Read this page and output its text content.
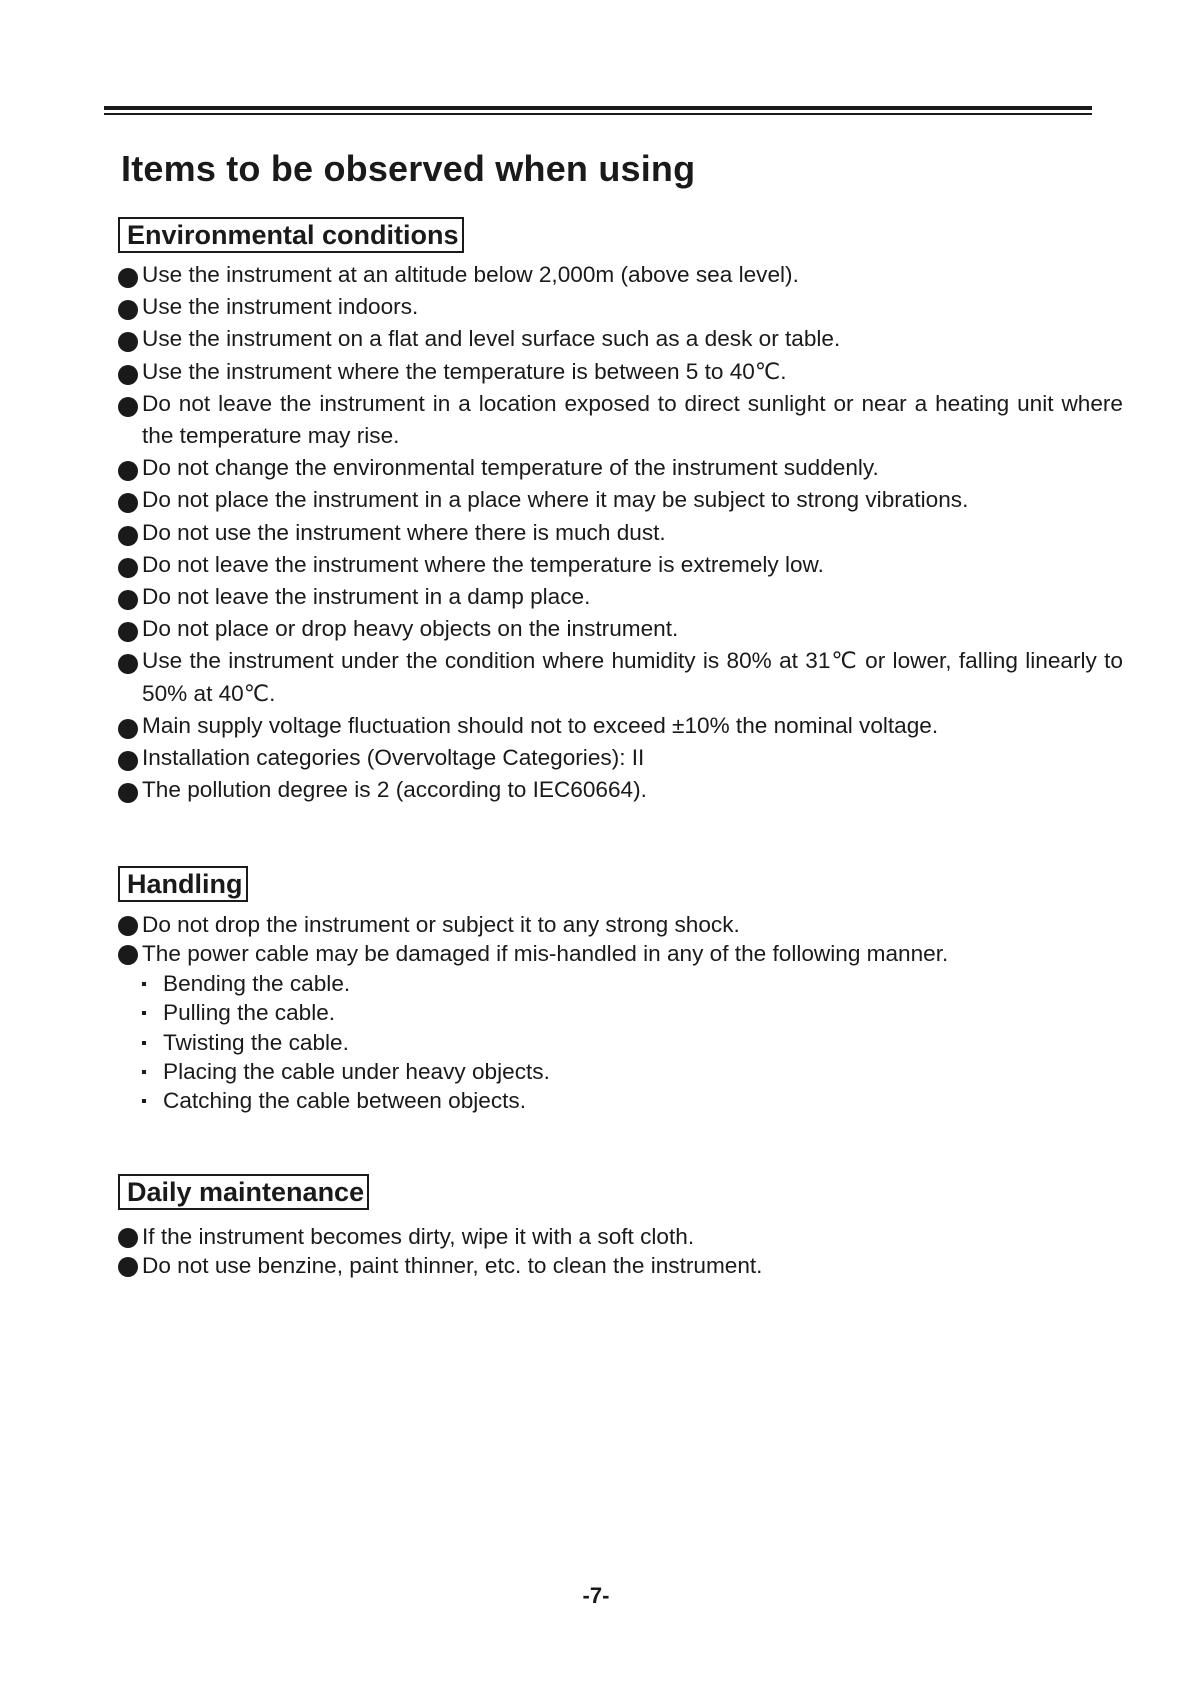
Items to be observed when using
Environmental conditions
Use the instrument at an altitude below 2,000m (above sea level).
Use the instrument indoors.
Use the instrument on a flat and level surface such as a desk or table.
Use the instrument where the temperature is between 5 to 40℃.
Do not leave the instrument in a location exposed to direct sunlight or near a heating unit where the temperature may rise.
Do not change the environmental temperature of the instrument suddenly.
Do not place the instrument in a place where it may be subject to strong vibrations.
Do not use the instrument where there is much dust.
Do not leave the instrument where the temperature is extremely low.
Do not leave the instrument in a damp place.
Do not place or drop heavy objects on the instrument.
Use the instrument under the condition where humidity is 80% at 31℃ or lower, falling linearly to 50% at 40℃.
Main supply voltage fluctuation should not to exceed ±10% the nominal voltage.
Installation categories (Overvoltage Categories): II
The pollution degree is 2 (according to IEC60664).
Handling
Do not drop the instrument or subject it to any strong shock.
The power cable may be damaged if mis-handled in any of the following manner.
Bending the cable.
Pulling the cable.
Twisting the cable.
Placing the cable under heavy objects.
Catching the cable between objects.
Daily maintenance
If the instrument becomes dirty, wipe it with a soft cloth.
Do not use benzine, paint thinner, etc. to clean the instrument.
-7-
